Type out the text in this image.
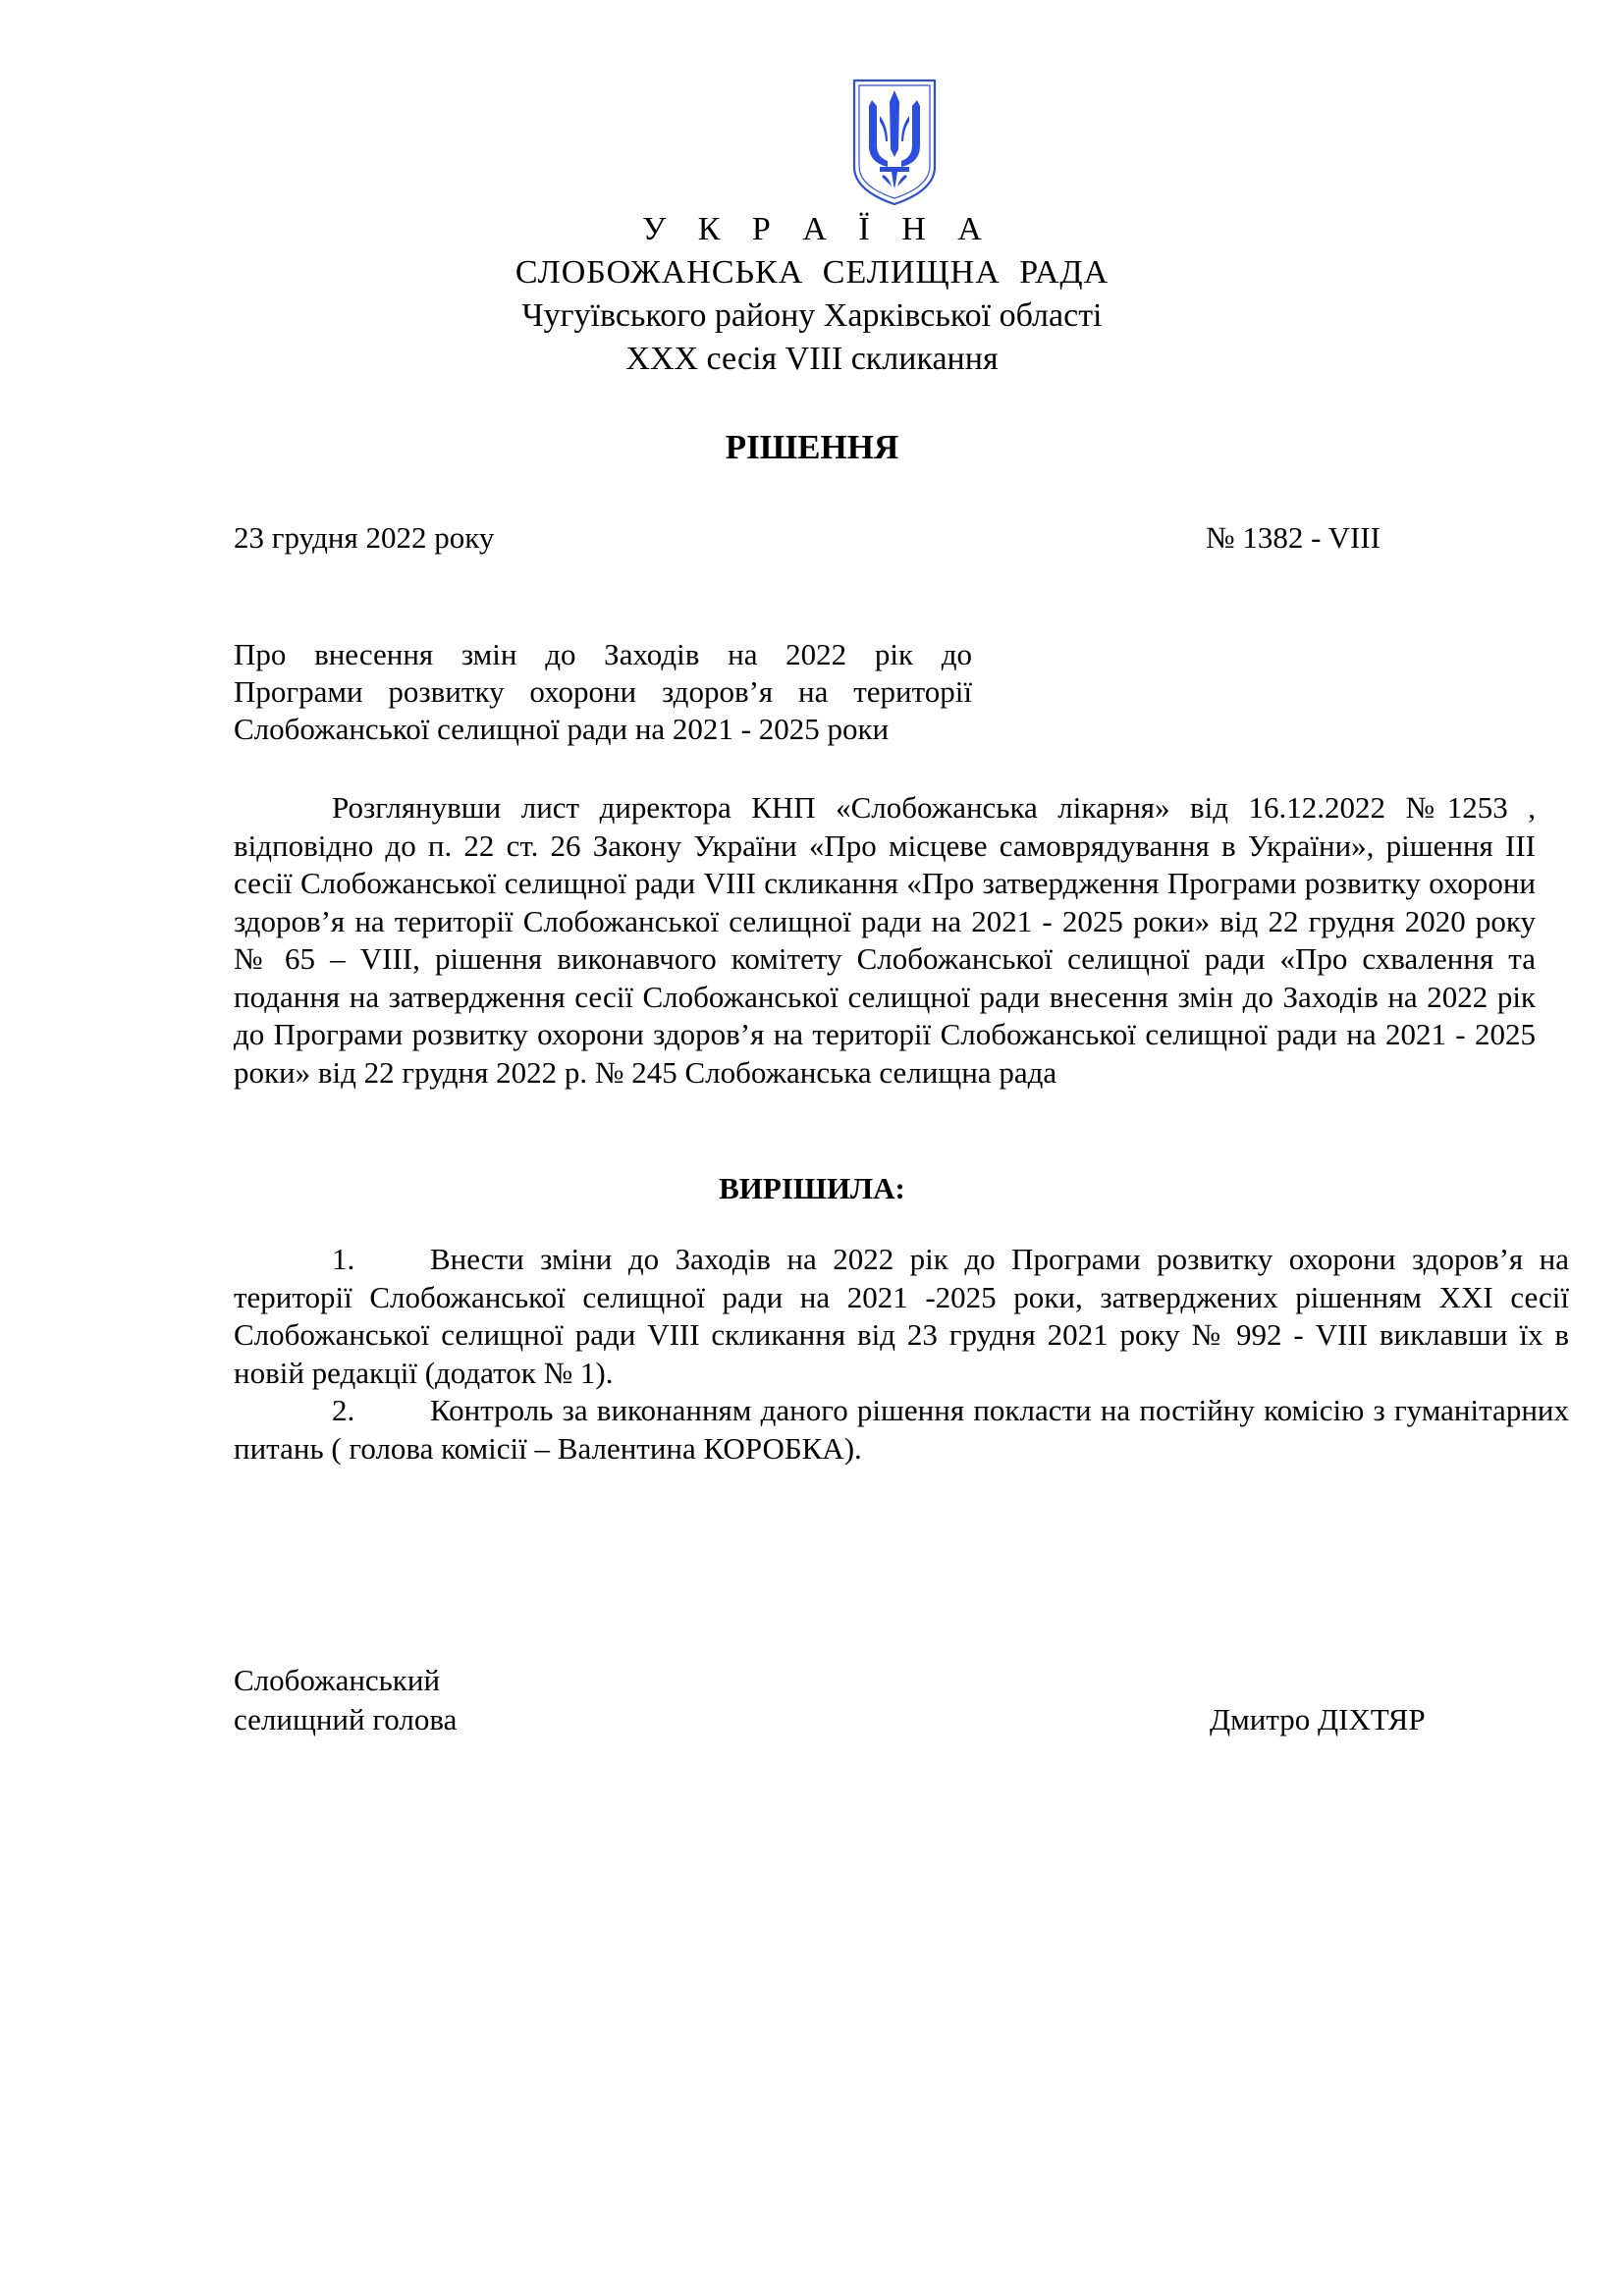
У К Р А Ї Н А
СЛОБОЖАНСЬКА СЕЛИЩНА РАДА
Чугуївського району Харківської області
XXX сесія VIII скликання
РІШЕННЯ
23 грудня 2022 року	№ 1382 - VIII
Про внесення змін до Заходів на 2022 рік до
Програми розвитку охорони здоров’я на території
Слобожанської селищної ради на 2021 - 2025 роки

Розглянувши лист директора КНП «Слобожанська лікарня» від 16.12.2022 №1253 , відповідно до п. 22 ст. 26 Закону України «Про місцеве самоврядування в України», рішення ІІІ сесії Слобожанської селищної ради VIII скликання «Про затвердження Програми розвитку охорони здоров’я на території Слобожанської селищної ради на 2021 - 2025 роки» від 22 грудня 2020 року № 65 – VIII, рішення виконавчого комітету Слобожанської селищної ради «Про схвалення та подання на затвердження сесії Слобожанської селищної ради внесення змін до Заходів на 2022 рік до Програми розвитку охорони здоров’я на території Слобожанської селищної ради на 2021 - 2025 роки» від 22 грудня 2022 р. № 245 Слобожанська селищна рада

ВИРІШИЛА:

1. Внести зміни до Заходів на 2022 рік до Програми розвитку охорони здоров’я на території Слобожанської селищної ради на 2021 -2025 роки, затверджених рішенням XXI сесії Слобожанської селищної ради VIII скликання від 23 грудня 2021 року № 992 - VIII виклавши їх в новій редакції (додаток № 1).

2. Контроль за виконанням даного рішення покласти на постійну комісію з гуманітарних питань ( голова комісії – Валентина КОРОБКА).

Слобожанський
селищний голова	Дмитро ДІХТЯР
